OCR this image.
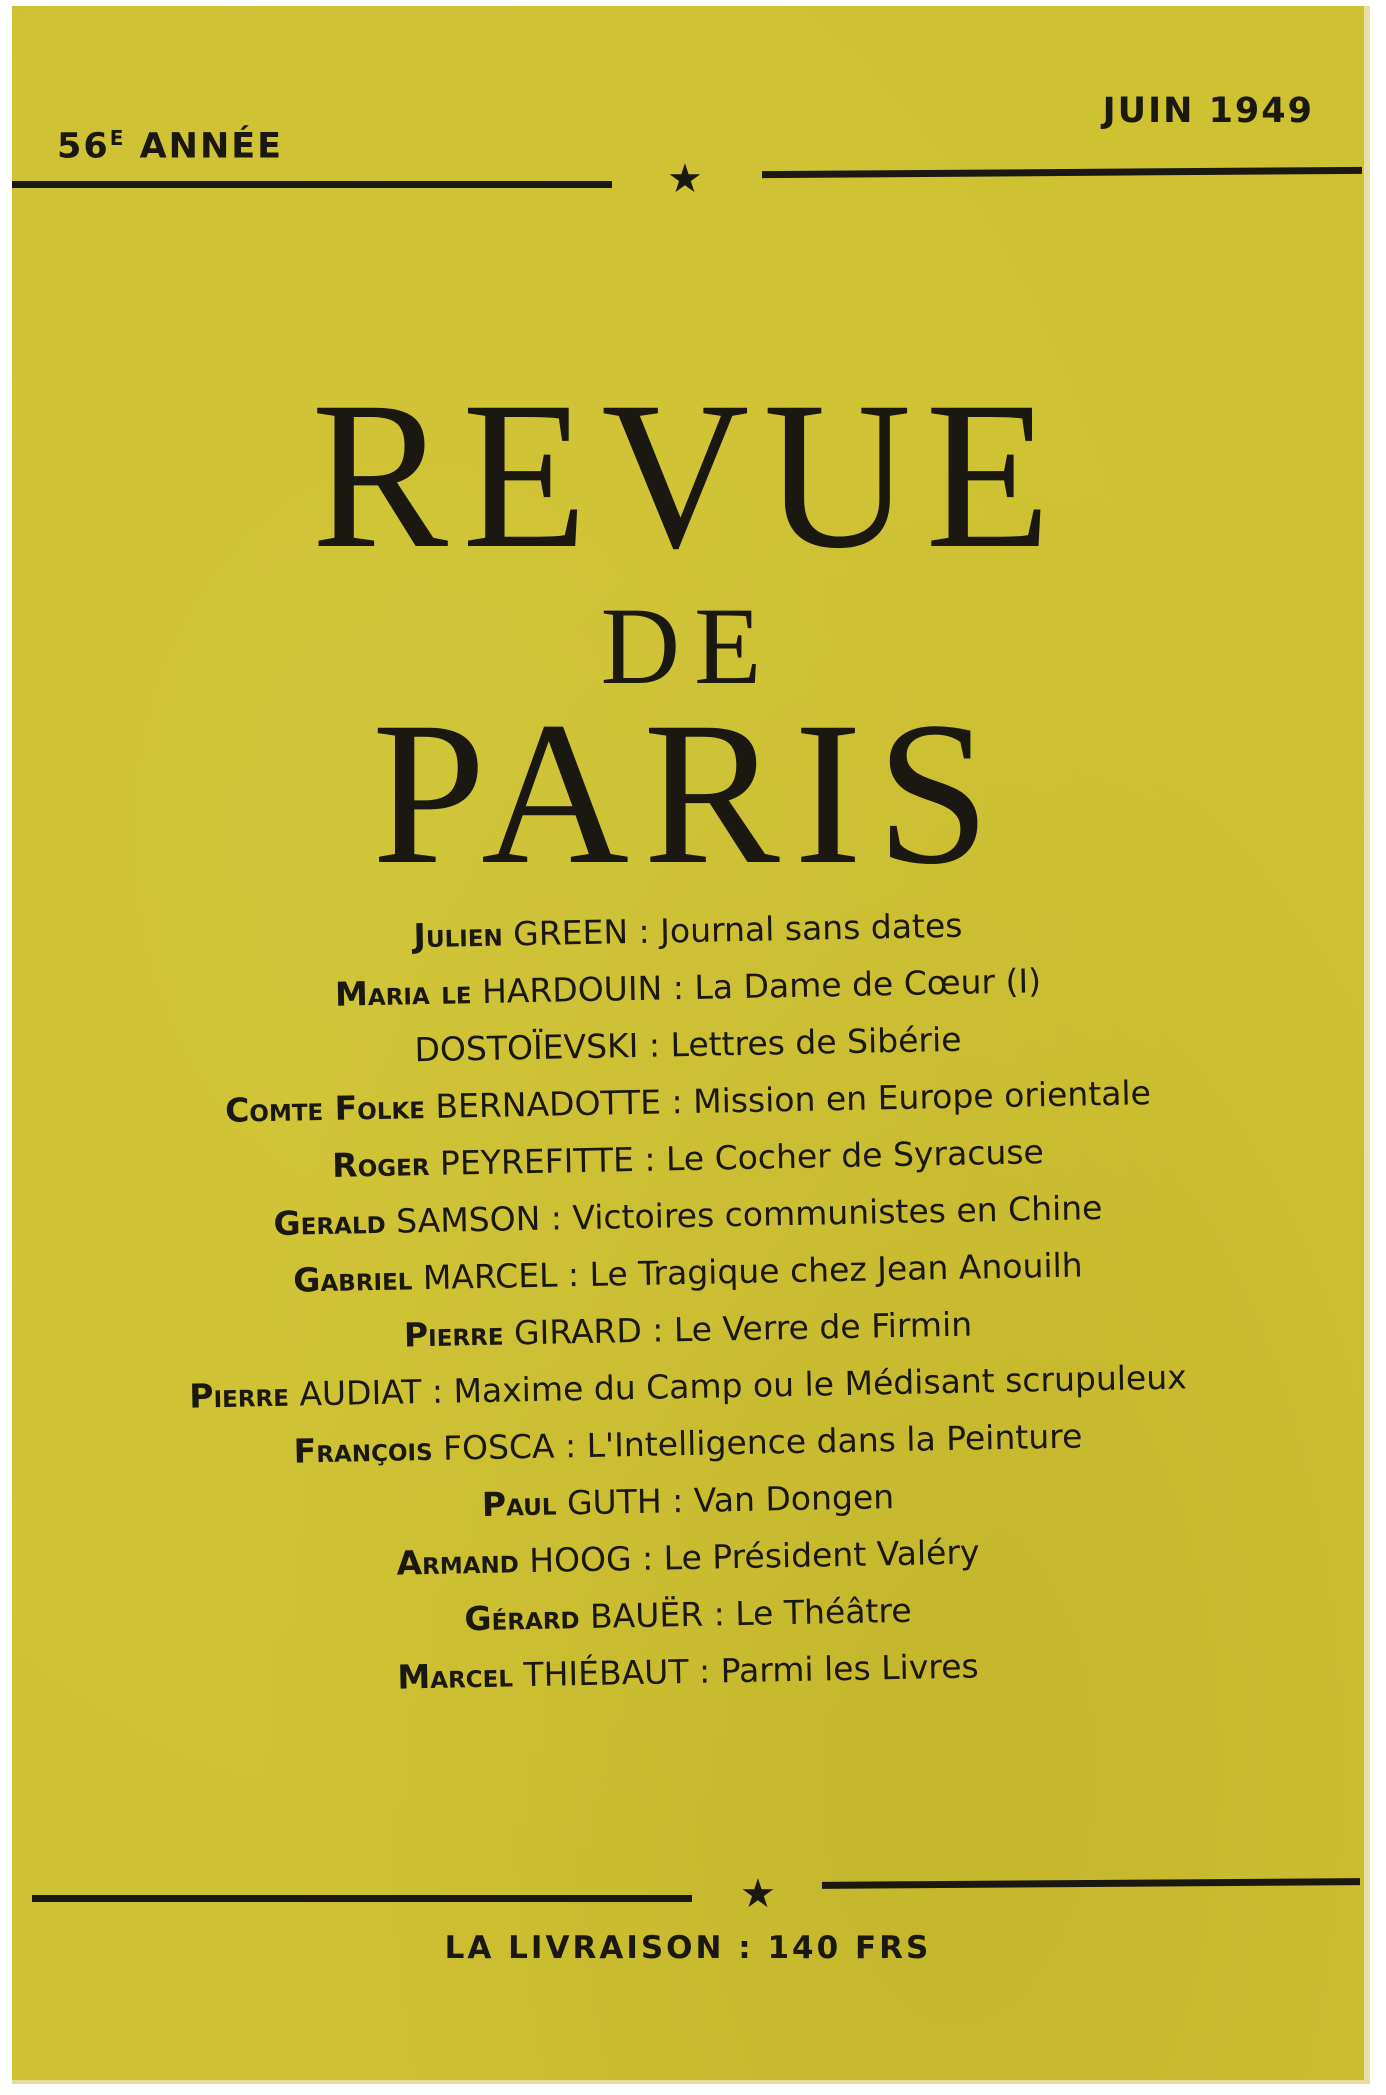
$56^E$ ANNÉE
JUIN 1949
★
REVUE
DE
PARIS
Julien GREEN : Journal sans dates
Maria le HARDOUIN : La Dame de Cœur (I)
DOSTOÏEVSKI : Lettres de Sibérie
Comte Folke BERNADOTTE : Mission en Europe orientale
Roger PEYREFITTE : Le Cocher de Syracuse
Gerald SAMSON : Victoires communistes en Chine
Gabriel MARCEL : Le Tragique chez Jean Anouilh
Pierre GIRARD : Le Verre de Firmin
Pierre AUDIAT : Maxime du Camp ou le Médisant scrupuleux
François FOSCA : L'Intelligence dans la Peinture
Paul GUTH : Van Dongen
Armand HOOG : Le Président Valéry
Gérard BAUËR : Le Théâtre
Marcel THIÉBAUT : Parmi les Livres
★
LA LIVRAISON : 140 FRS
